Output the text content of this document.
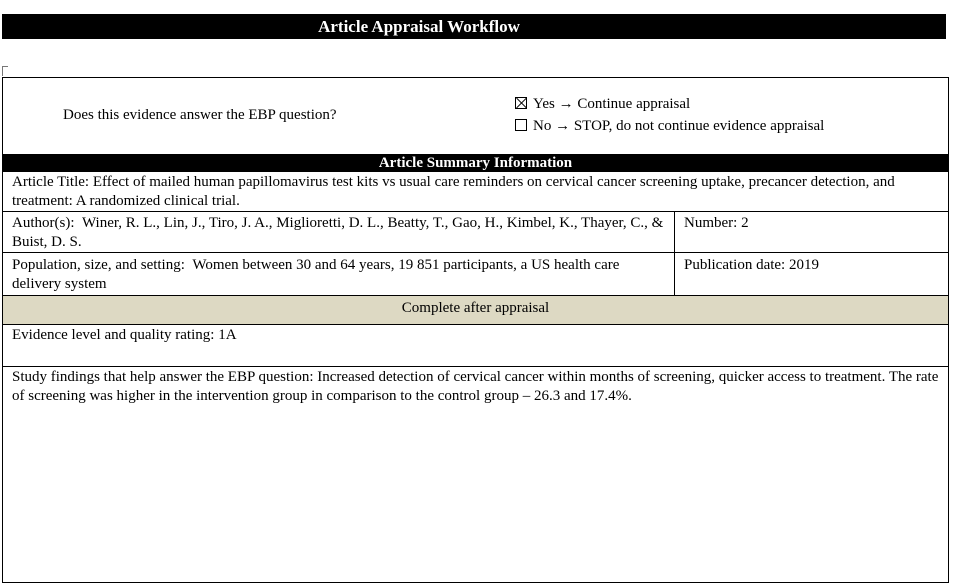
Article Appraisal Workflow
Does this evidence answer the EBP question?
Yes → Continue appraisal
No → STOP, do not continue evidence appraisal
Article Summary Information
Article Title: Effect of mailed human papillomavirus test kits vs usual care reminders on cervical cancer screening uptake, precancer detection, and treatment: A randomized clinical trial.
Author(s): Winer, R. L., Lin, J., Tiro, J. A., Miglioretti, D. L., Beatty, T., Gao, H., Kimbel, K., Thayer, C., & Buist, D. S.
Number: 2
Population, size, and setting: Women between 30 and 64 years, 19 851 participants, a US health care delivery system
Publication date: 2019
Complete after appraisal
Evidence level and quality rating: 1A
Study findings that help answer the EBP question: Increased detection of cervical cancer within months of screening, quicker access to treatment. The rate of screening was higher in the intervention group in comparison to the control group – 26.3 and 17.4%.
